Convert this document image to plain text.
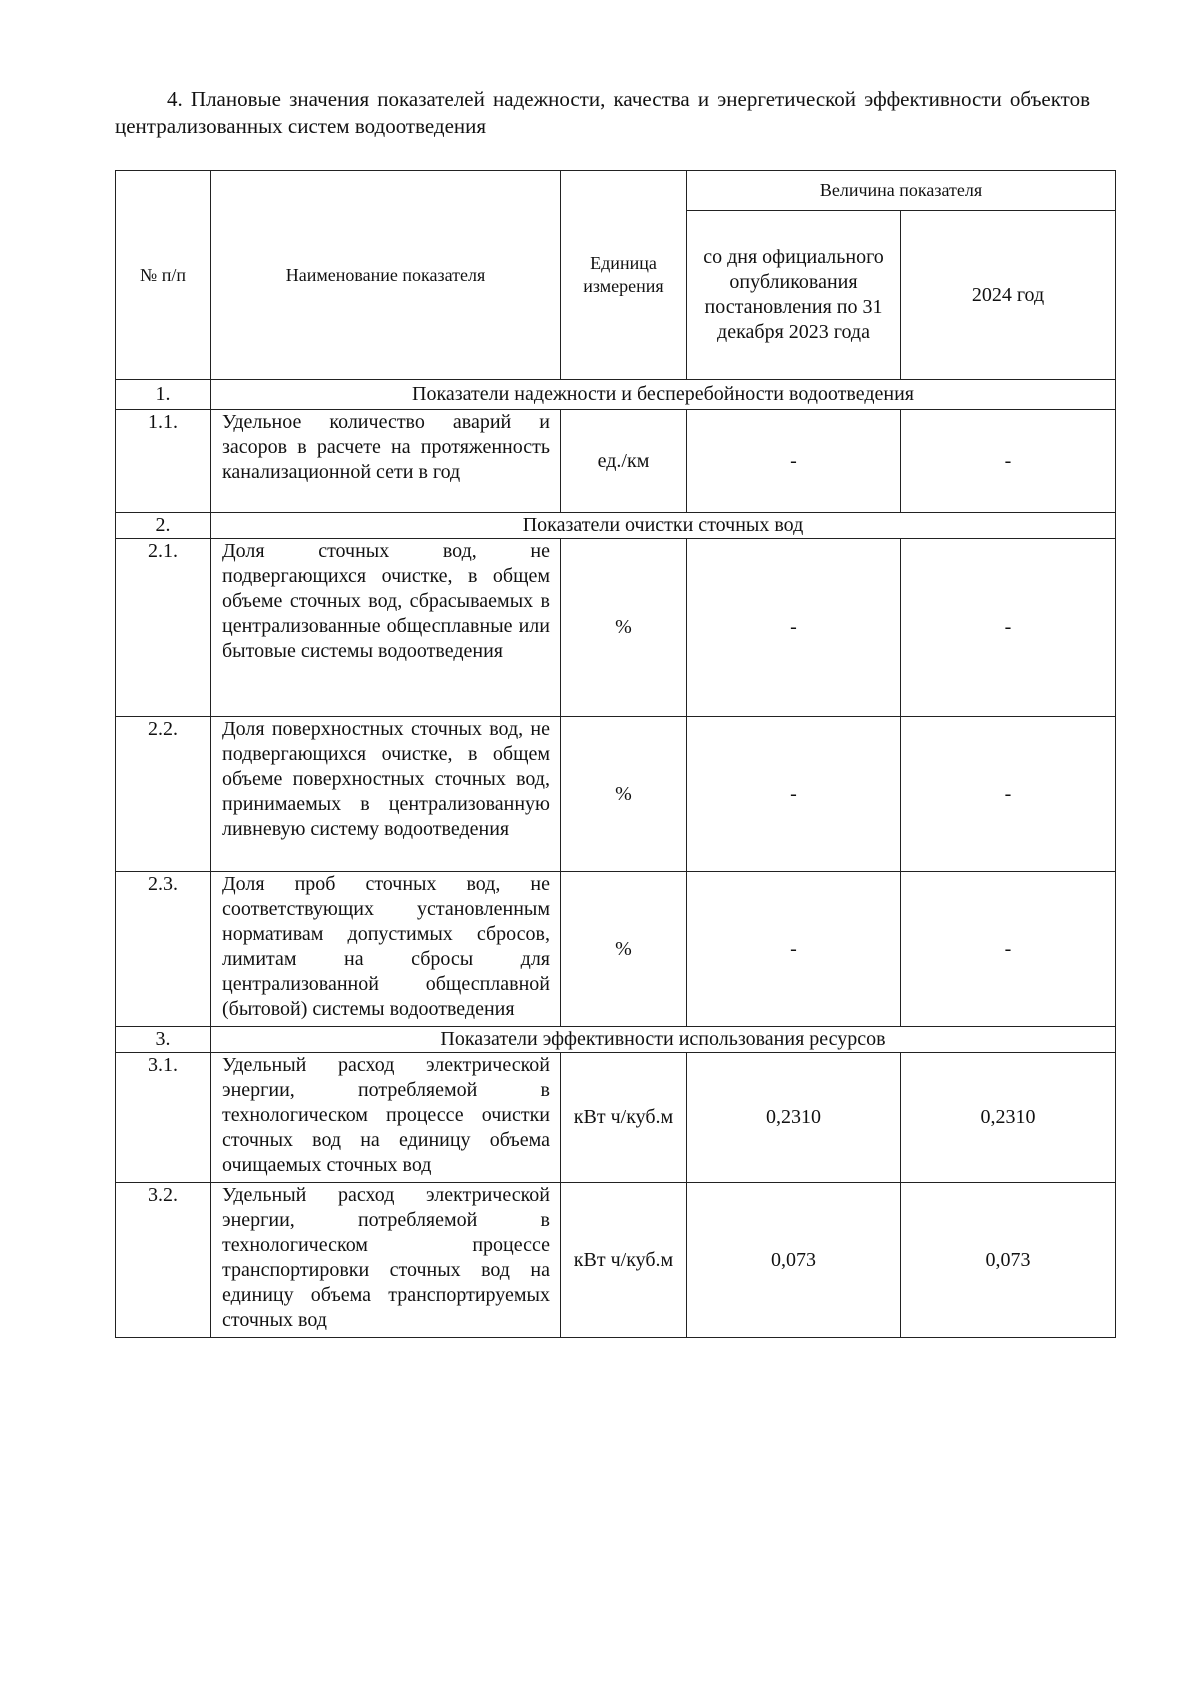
4. Плановые значения показателей надежности, качества и энергетической эффективности объектов централизованных систем водоотведения
№ п/п	Наименование показателя	Единица измерения	Величина показателя	
			со дня официального опубликования постановления по 31 декабря 2023 года	2024 год
1.	Показатели надежности и бесперебойности водоотведения			
1.1.	Удельное количество аварий и засоров в расчете на протяженность канализационной сети в год	ед./км	-	-
2.	Показатели очистки сточных вод			
2.1.	Доля сточных вод, не подвергающихся очистке, в общем объеме сточных вод, сбрасываемых в централизованные общесплавные или бытовые системы водоотведения	%	-	-
2.2.	Доля поверхностных сточных вод, не подвергающихся очистке, в общем объеме поверхностных сточных вод, принимаемых в централизованную ливневую систему водоотведения	%	-	-
2.3.	Доля проб сточных вод, не соответствующих установленным нормативам допустимых сбросов, лимитам на сбросы для централизованной общесплавной (бытовой) системы водоотведения	%	-	-
3.	Показатели эффективности использования ресурсов			
3.1.	Удельный расход электрической энергии, потребляемой в технологическом процессе очистки сточных вод на единицу объема очищаемых сточных вод	кВт ч/куб.м	0,2310	0,2310
3.2.	Удельный расход электрической энергии, потребляемой в технологическом процессе транспортировки сточных вод на единицу объема транспортируемых сточных вод	кВт ч/куб.м	0,073	0,073
